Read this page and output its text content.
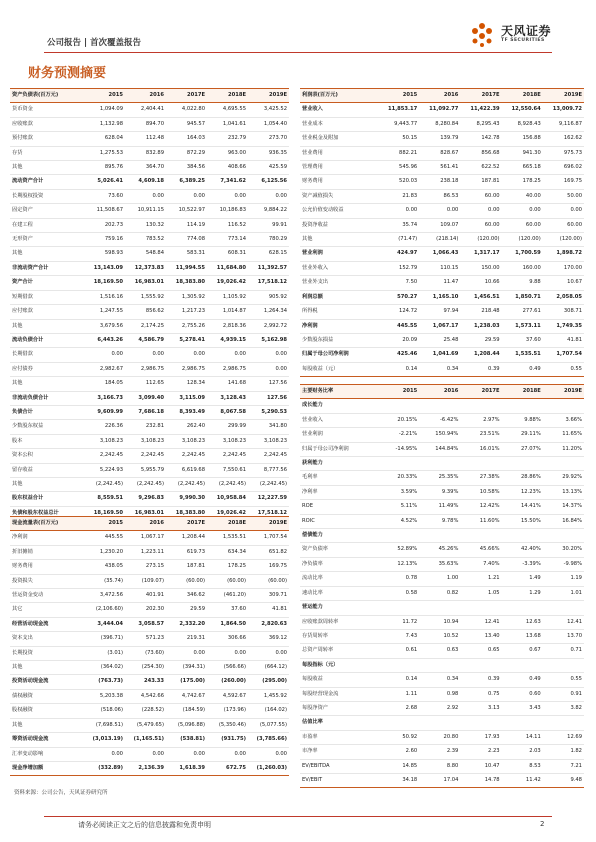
公司报告 | 首次覆盖报告
天风证券
TF SECURITIES
财务预测摘要
资产负债表(百万元)	2015	2016	2017E	2018E	2019E
货币资金	1,094.09	2,404.41	4,022.80	4,695.55	3,425.52
应收账款	1,132.98	894.70	945.57	1,041.61	1,054.40
预付账款	628.04	112.48	164.03	232.79	273.70
存货	1,275.53	832.89	872.29	963.00	936.35
其他	895.76	364.70	384.56	408.66	425.59
流动资产合计	5,026.41	4,609.18	6,389.25	7,341.62	6,125.56
长期股权投资	73.60	0.00	0.00	0.00	0.00
固定资产	11,508.67	10,911.15	10,522.97	10,186.83	9,884.22
在建工程	202.73	130.32	114.19	116.52	99.91
无形资产	759.16	783.52	774.08	773.14	780.29
其他	598.93	548.84	583.31	608.31	628.15
非流动资产合计	13,143.09	12,373.83	11,994.55	11,684.80	11,392.57
资产合计	18,169.50	16,983.01	18,383.80	19,026.42	17,518.12
短期借款	1,516.16	1,555.92	1,305.92	1,105.92	905.92
应付账款	1,247.55	856.62	1,217.23	1,014.87	1,264.34
其他	3,679.56	2,174.25	2,755.26	2,818.36	2,992.72
流动负债合计	6,443.26	4,586.79	5,278.41	4,939.15	5,162.98
长期借款	0.00	0.00	0.00	0.00	0.00
应付债券	2,982.67	2,986.75	2,986.75	2,986.75	0.00
其他	184.05	112.65	128.34	141.68	127.56
非流动负债合计	3,166.73	3,099.40	3,115.09	3,128.43	127.56
负债合计	9,609.99	7,686.18	8,393.49	8,067.58	5,290.53
少数股东权益	226.36	232.81	262.40	299.99	341.80
股本	3,108.23	3,108.23	3,108.23	3,108.23	3,108.23
资本公积	2,242.45	2,242.45	2,242.45	2,242.45	2,242.45
留存收益	5,224.93	5,955.79	6,619.68	7,550.61	8,777.56
其他	(2,242.45)	(2,242.45)	(2,242.45)	(2,242.45)	(2,242.45)
股东权益合计	8,559.51	9,296.83	9,990.30	10,958.84	12,227.59
负债和股东权益总计	18,169.50	16,983.01	18,383.80	19,026.42	17,518.12
利润表(百万元)	2015	2016	2017E	2018E	2019E
营业收入	11,853.17	11,092.77	11,422.39	12,550.64	13,009.72
营业成本	9,443.77	8,280.84	8,295.43	8,928.43	9,116.87
营业税金及附加	50.15	139.79	142.78	156.88	162.62
营业费用	882.21	828.67	856.68	941.30	975.73
管理费用	545.96	561.41	622.52	665.18	696.02
财务费用	520.03	238.18	187.81	178.25	169.75
资产减值损失	21.83	86.53	60.00	40.00	50.00
公允价值变动收益	0.00	0.00	0.00	0.00	0.00
投资净收益	35.74	109.07	60.00	60.00	60.00
其他	(71.47)	(218.14)	(120.00)	(120.00)	(120.00)
营业利润	424.97	1,066.43	1,317.17	1,700.59	1,898.72
营业外收入	152.79	110.15	150.00	160.00	170.00
营业外支出	7.50	11.47	10.66	9.88	10.67
利润总额	570.27	1,165.10	1,456.51	1,850.71	2,058.05
所得税	124.72	97.94	218.48	277.61	308.71
净利润	445.55	1,067.17	1,238.03	1,573.11	1,749.35
少数股东损益	20.09	25.48	29.59	37.60	41.81
归属于母公司净利润	425.46	1,041.69	1,208.44	1,535.51	1,707.54
每股收益（元）	0.14	0.34	0.39	0.49	0.55
主要财务比率	2015	2016	2017E	2018E	2019E
成长能力					
营业收入	20.15%	-6.42%	2.97%	9.88%	3.66%
营业利润	-2.21%	150.94%	23.51%	29.11%	11.65%
归属于母公司净利润	-14.95%	144.84%	16.01%	27.07%	11.20%
获利能力					
毛利率	20.33%	25.35%	27.38%	28.86%	29.92%
净利率	3.59%	9.39%	10.58%	12.23%	13.13%
ROE	5.11%	11.49%	12.42%	14.41%	14.37%
ROIC	4.52%	9.78%	11.60%	15.50%	16.84%
偿债能力					
资产负债率	52.89%	45.26%	45.66%	42.40%	30.20%
净负债率	12.13%	35.63%	7.40%	-3.39%	-9.98%
流动比率	0.78	1.00	1.21	1.49	1.19
速动比率	0.58	0.82	1.05	1.29	1.01
营运能力					
应收账款周转率	11.72	10.94	12.41	12.63	12.41
存货周转率	7.43	10.52	13.40	13.68	13.70
总资产周转率	0.61	0.63	0.65	0.67	0.71
每股指标（元）					
每股收益	0.14	0.34	0.39	0.49	0.55
每股经营现金流	1.11	0.98	0.75	0.60	0.91
每股净资产	2.68	2.92	3.13	3.43	3.82
估值比率					
市盈率	50.92	20.80	17.93	14.11	12.69
市净率	2.60	2.39	2.23	2.03	1.82
EV/EBITDA	14.85	8.80	10.47	8.53	7.21
EV/EBIT	34.18	17.04	14.78	11.42	9.48
现金流量表(百万元)	2015	2016	2017E	2018E	2019E
净利润	445.55	1,067.17	1,208.44	1,535.51	1,707.54
折旧摊销	1,230.20	1,223.11	619.73	634.34	651.82
财务费用	438.05	273.15	187.81	178.25	169.75
投资损失	(35.74)	(109.07)	(60.00)	(60.00)	(60.00)
营运资金变动	3,472.56	401.91	346.62	(461.20)	309.71
其它	(2,106.60)	202.30	29.59	37.60	41.81
经营活动现金流	3,444.04	3,058.57	2,332.20	1,864.50	2,820.63
资本支出	(396.71)	571.23	219.31	306.66	369.12
长期投资	(3.01)	(73.60)	0.00	0.00	0.00
其他	(364.02)	(254.30)	(394.31)	(566.66)	(664.12)
投资活动现金流	(763.73)	243.33	(175.00)	(260.00)	(295.00)
债权融资	5,203.38	4,542.66	4,742.67	4,592.67	1,455.92
股权融资	(518.06)	(228.52)	(184.59)	(173.96)	(164.02)
其他	(7,698.51)	(5,479.65)	(5,096.88)	(5,350.46)	(5,077.55)
筹资活动现金流	(3,013.19)	(1,165.51)	(538.81)	(931.75)	(3,785.66)
汇率变动影响	0.00	0.00	0.00	0.00	0.00
现金净增加额	(332.89)	2,136.39	1,618.39	672.75	(1,260.03)
资料来源：公司公告，天风证券研究所
请务必阅读正文之后的信息披露和免责申明	2
